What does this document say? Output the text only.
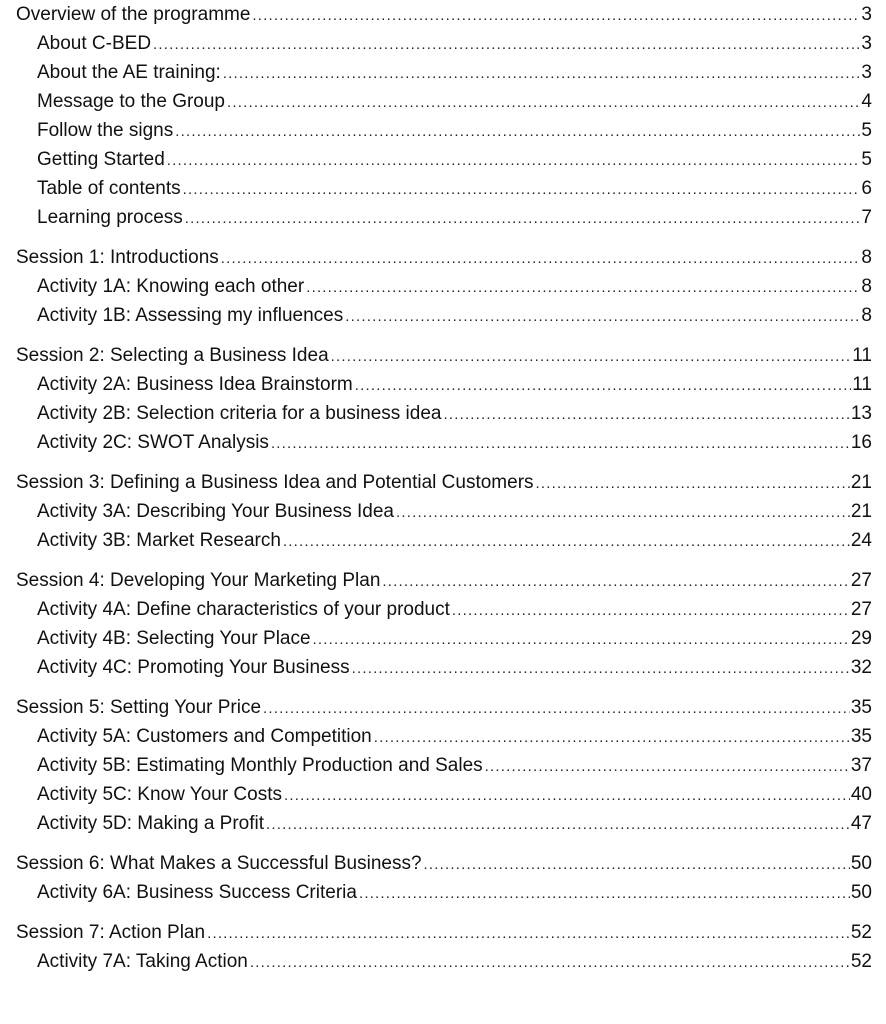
Overview of the programme .....	3
About C-BED .....	3
About the AE training: .....	3
Message to the Group .....	4
Follow the signs .....	5
Getting Started .....	5
Table of contents .....	6
Learning process .....	7
Session 1: Introductions .....	8
Activity 1A: Knowing each other .....	8
Activity 1B: Assessing my influences .....	8
Session 2: Selecting a Business Idea .....	11
Activity 2A: Business Idea Brainstorm .....	11
Activity 2B: Selection criteria for a business idea .....	13
Activity 2C: SWOT Analysis .....	16
Session 3: Defining a Business Idea and Potential Customers .....	21
Activity 3A: Describing Your Business Idea .....	21
Activity 3B: Market Research .....	24
Session 4: Developing Your Marketing Plan .....	27
Activity 4A: Define characteristics of your product .....	27
Activity 4B: Selecting Your Place .....	29
Activity 4C: Promoting Your Business .....	32
Session 5: Setting Your Price .....	35
Activity 5A: Customers and Competition .....	35
Activity 5B: Estimating Monthly Production and Sales .....	37
Activity 5C: Know Your Costs .....	40
Activity 5D: Making a Profit .....	47
Session 6: What Makes a Successful Business? .....	50
Activity 6A: Business Success Criteria .....	50
Session 7: Action Plan .....	52
Activity 7A: Taking Action .....	52
